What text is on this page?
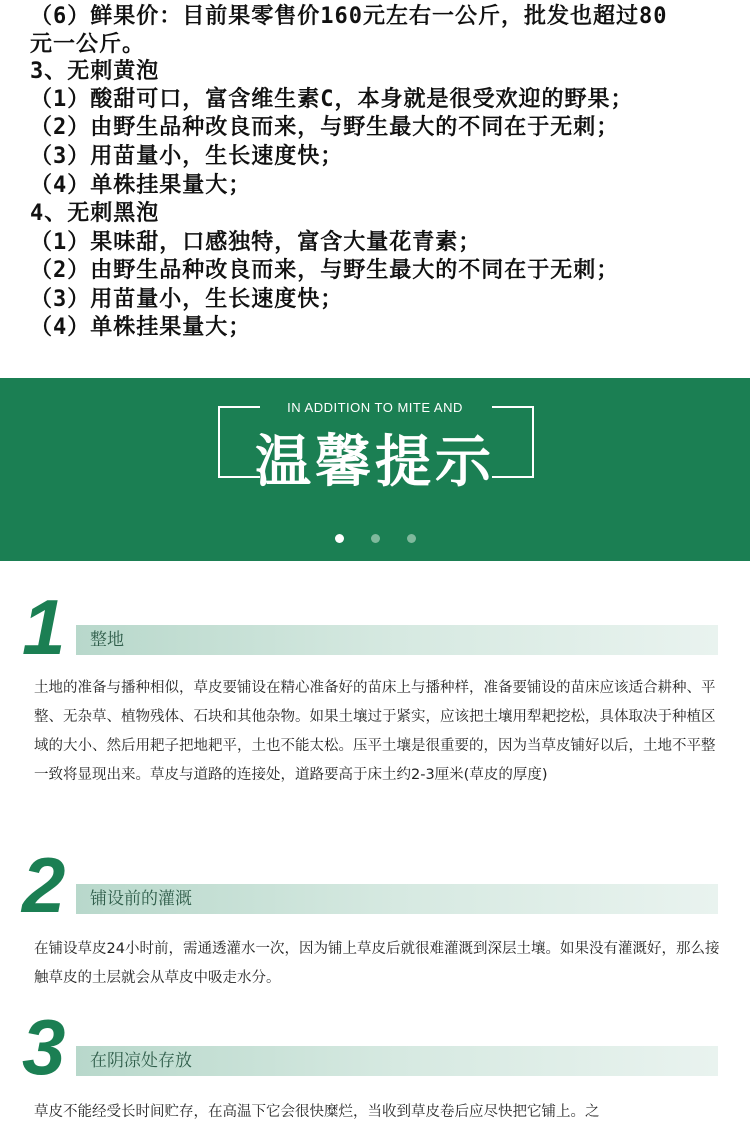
（6）鲜果价：目前果零售价160元左右一公斤，批发也超过80
元一公斤。
3、无刺黄泡
（1）酸甜可口，富含维生素C，本身就是很受欢迎的野果；
（2）由野生品种改良而来，与野生最大的不同在于无刺；
（3）用苗量小，生长速度快；
（4）单株挂果量大；
4、无刺黑泡
（1）果味甜，口感独特，富含大量花青素；
（2）由野生品种改良而来，与野生最大的不同在于无刺；
（3）用苗量小，生长速度快；
（4）单株挂果量大；
IN ADDITION TO MITE AND
温馨提示
1 整地
土地的准备与播种相似，草皮要铺设在精心准备好的苗床上与播种样，准备要铺设的苗床应该适合耕种、平整、无杂草、植物残体、石块和其他杂物。如果土壤过于紧实，应该把土壤用犁耙挖松，具体取决于种植区域的大小、然后用耙子把地耙平，土也不能太松。压平土壤是很重要的，因为当草皮铺好以后，土地不平整一致将显现出来。草皮与道路的连接处，道路要高于床土约2-3厘米(草皮的厚度)
2 铺设前的灌溉
在铺设草皮24小时前，需通透灌水一次，因为铺上草皮后就很难灌溉到深层土壤。如果没有灌溉好，那么接触草皮的土层就会从草皮中吸走水分。
3 在阴凉处存放
草皮不能经受长时间贮存，在高温下它会很快糜烂，当收到草皮卷后应尽快把它铺上。之
